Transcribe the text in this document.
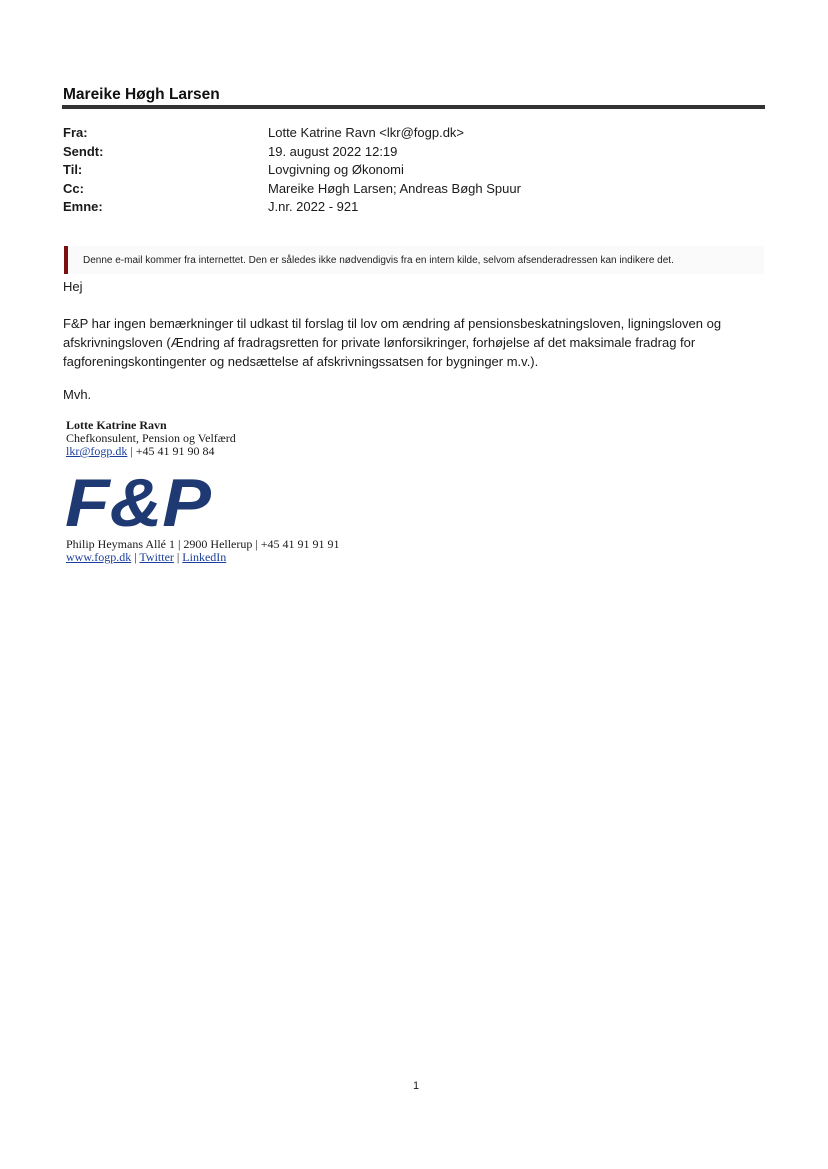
Mareike Høgh Larsen
Fra:	Lotte Katrine Ravn <lkr@fogp.dk>
Sendt:	19. august 2022 12:19
Til:	Lovgivning og Økonomi
Cc:	Mareike Høgh Larsen; Andreas Bøgh Spuur
Emne:	J.nr. 2022 - 921
Denne e-mail kommer fra internettet. Den er således ikke nødvendigvis fra en intern kilde, selvom afsenderadressen kan indikere det.
Hej
F&P har ingen bemærkninger til udkast til forslag til lov om ændring af pensionsbeskatningsloven, ligningsloven og afskrivningsloven (Ændring af fradragsretten for private lønforsikringer, forhøjelse af det maksimale fradrag for fagforeningskontingenter og nedsættelse af afskrivningssatsen for bygninger m.v.).
Mvh.
Lotte Katrine Ravn
Chefkonsulent, Pension og Velfærd
lkr@fogp.dk | +45 41 91 90 84
F&P
Philip Heymans Allé 1 | 2900 Hellerup | +45 41 91 91 91
www.fogp.dk | Twitter | LinkedIn
1
